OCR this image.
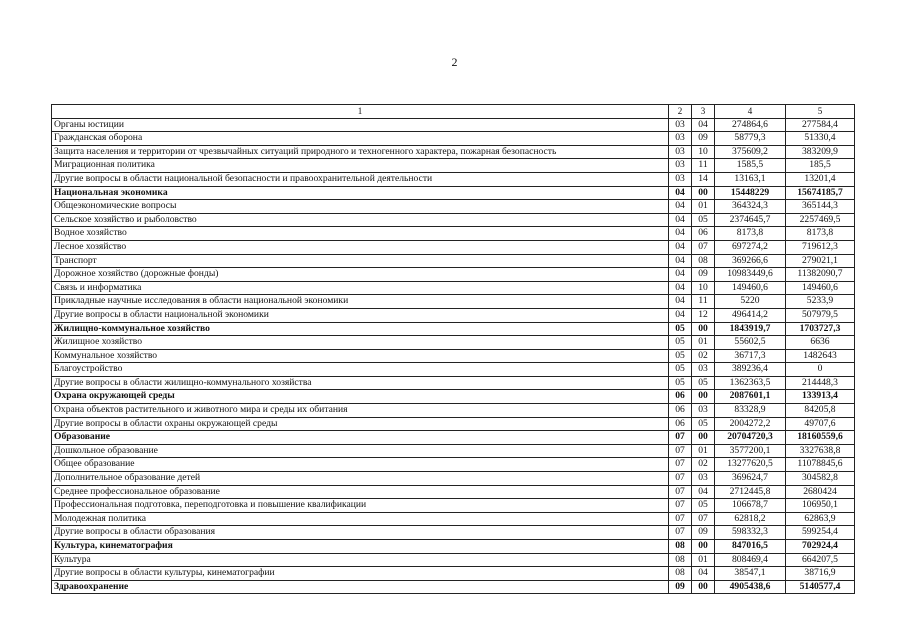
2
1	2	3	4	5
Органы юстиции	03	04	274864,6	277584,4
Гражданская оборона	03	09	58779,3	51330,4
Защита населения и территории от чрезвычайных ситуаций природного и техногенного характера, пожарная безопасность	03	10	375609,2	383209,9
Миграционная политика	03	11	1585,5	185,5
Другие вопросы в области национальной безопасности и правоохранительной деятельности	03	14	13163,1	13201,4
Национальная экономика	04	00	15448229	15674185,7
Общеэкономические вопросы	04	01	364324,3	365144,3
Сельское хозяйство и рыболовство	04	05	2374645,7	2257469,5
Водное хозяйство	04	06	8173,8	8173,8
Лесное хозяйство	04	07	697274,2	719612,3
Транспорт	04	08	369266,6	279021,1
Дорожное хозяйство (дорожные фонды)	04	09	10983449,6	11382090,7
Связь и информатика	04	10	149460,6	149460,6
Прикладные научные исследования в области национальной экономики	04	11	5220	5233,9
Другие вопросы в области национальной экономики	04	12	496414,2	507979,5
Жилищно-коммунальное хозяйство	05	00	1843919,7	1703727,3
Жилищное хозяйство	05	01	55602,5	6636
Коммунальное хозяйство	05	02	36717,3	1482643
Благоустройство	05	03	389236,4	0
Другие вопросы в области жилищно-коммунального хозяйства	05	05	1362363,5	214448,3
Охрана окружающей среды	06	00	2087601,1	133913,4
Охрана объектов растительного и животного мира и среды их обитания	06	03	83328,9	84205,8
Другие вопросы в области охраны окружающей среды	06	05	2004272,2	49707,6
Образование	07	00	20704720,3	18160559,6
Дошкольное образование	07	01	3577200,1	3327638,8
Общее образование	07	02	13277620,5	11078845,6
Дополнительное образование детей	07	03	369624,7	304582,8
Среднее профессиональное образование	07	04	2712445,8	2680424
Профессиональная подготовка, переподготовка и повышение квалификации	07	05	106678,7	106950,1
Молодежная политика	07	07	62818,2	62863,9
Другие вопросы в области образования	07	09	598332,3	599254,4
Культура, кинематография	08	00	847016,5	702924,4
Культура	08	01	808469,4	664207,5
Другие вопросы в области культуры, кинематографии	08	04	38547,1	38716,9
Здравоохранение	09	00	4905438,6	5140577,4
